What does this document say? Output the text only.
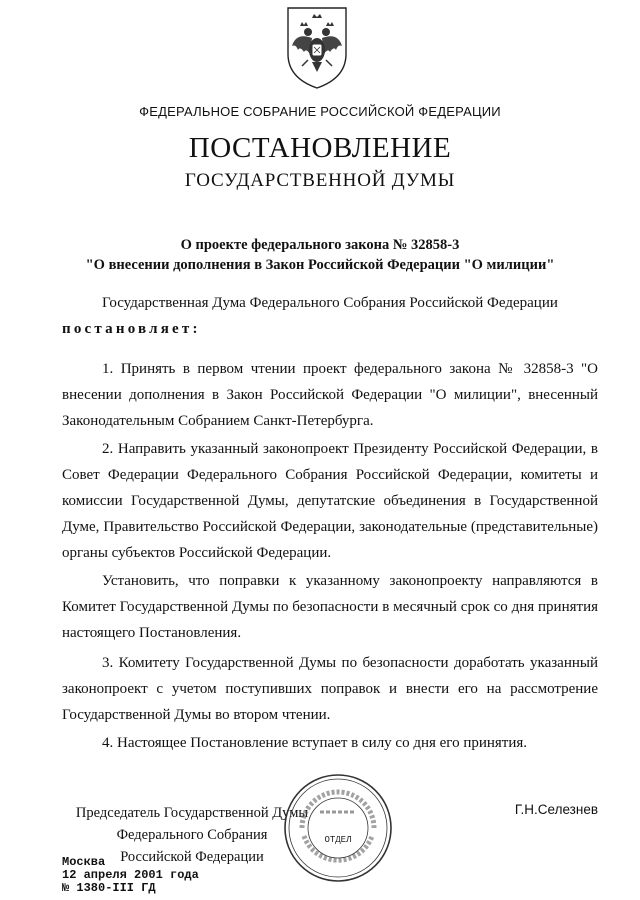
ФЕДЕРАЛЬНОЕ СОБРАНИЕ РОССИЙСКОЙ ФЕДЕРАЦИИ
ПОСТАНОВЛЕНИЕ
ГОСУДАРСТВЕННОЙ ДУМЫ
О проекте федерального закона № 32858-3
"О внесении дополнения в Закон Российской Федерации "О милиции"
Государственная Дума Федерального Собрания Российской Федерации
постановляет:
1. Принять в первом чтении проект федерального закона № 32858-3 "О внесении дополнения в Закон Российской Федерации "О милиции", внесенный Законодательным Собранием Санкт-Петербурга.
2. Направить указанный законопроект Президенту Российской Федерации, в Совет Федерации Федерального Собрания Российской Федерации, комитеты и комиссии Государственной Думы, депутатские объединения в Государственной Думе, Правительство Российской Федерации, законодательные (представительные) органы субъектов Российской Федерации.
Установить, что поправки к указанному законопроекту направляются в Комитет Государственной Думы по безопасности в месячный срок со дня принятия настоящего Постановления.
3. Комитету Государственной Думы по безопасности доработать указанный законопроект с учетом поступивших поправок и внести его на рассмотрение Государственной Думы во втором чтении.
4. Настоящее Постановление вступает в силу со дня его принятия.
Председатель Государственной Думы
Федерального Собрания
Российской Федерации
ОТДЕЛ
Г.Н.Селезнев
Москва
12 апреля 2001 года
№ 1380-III ГД
